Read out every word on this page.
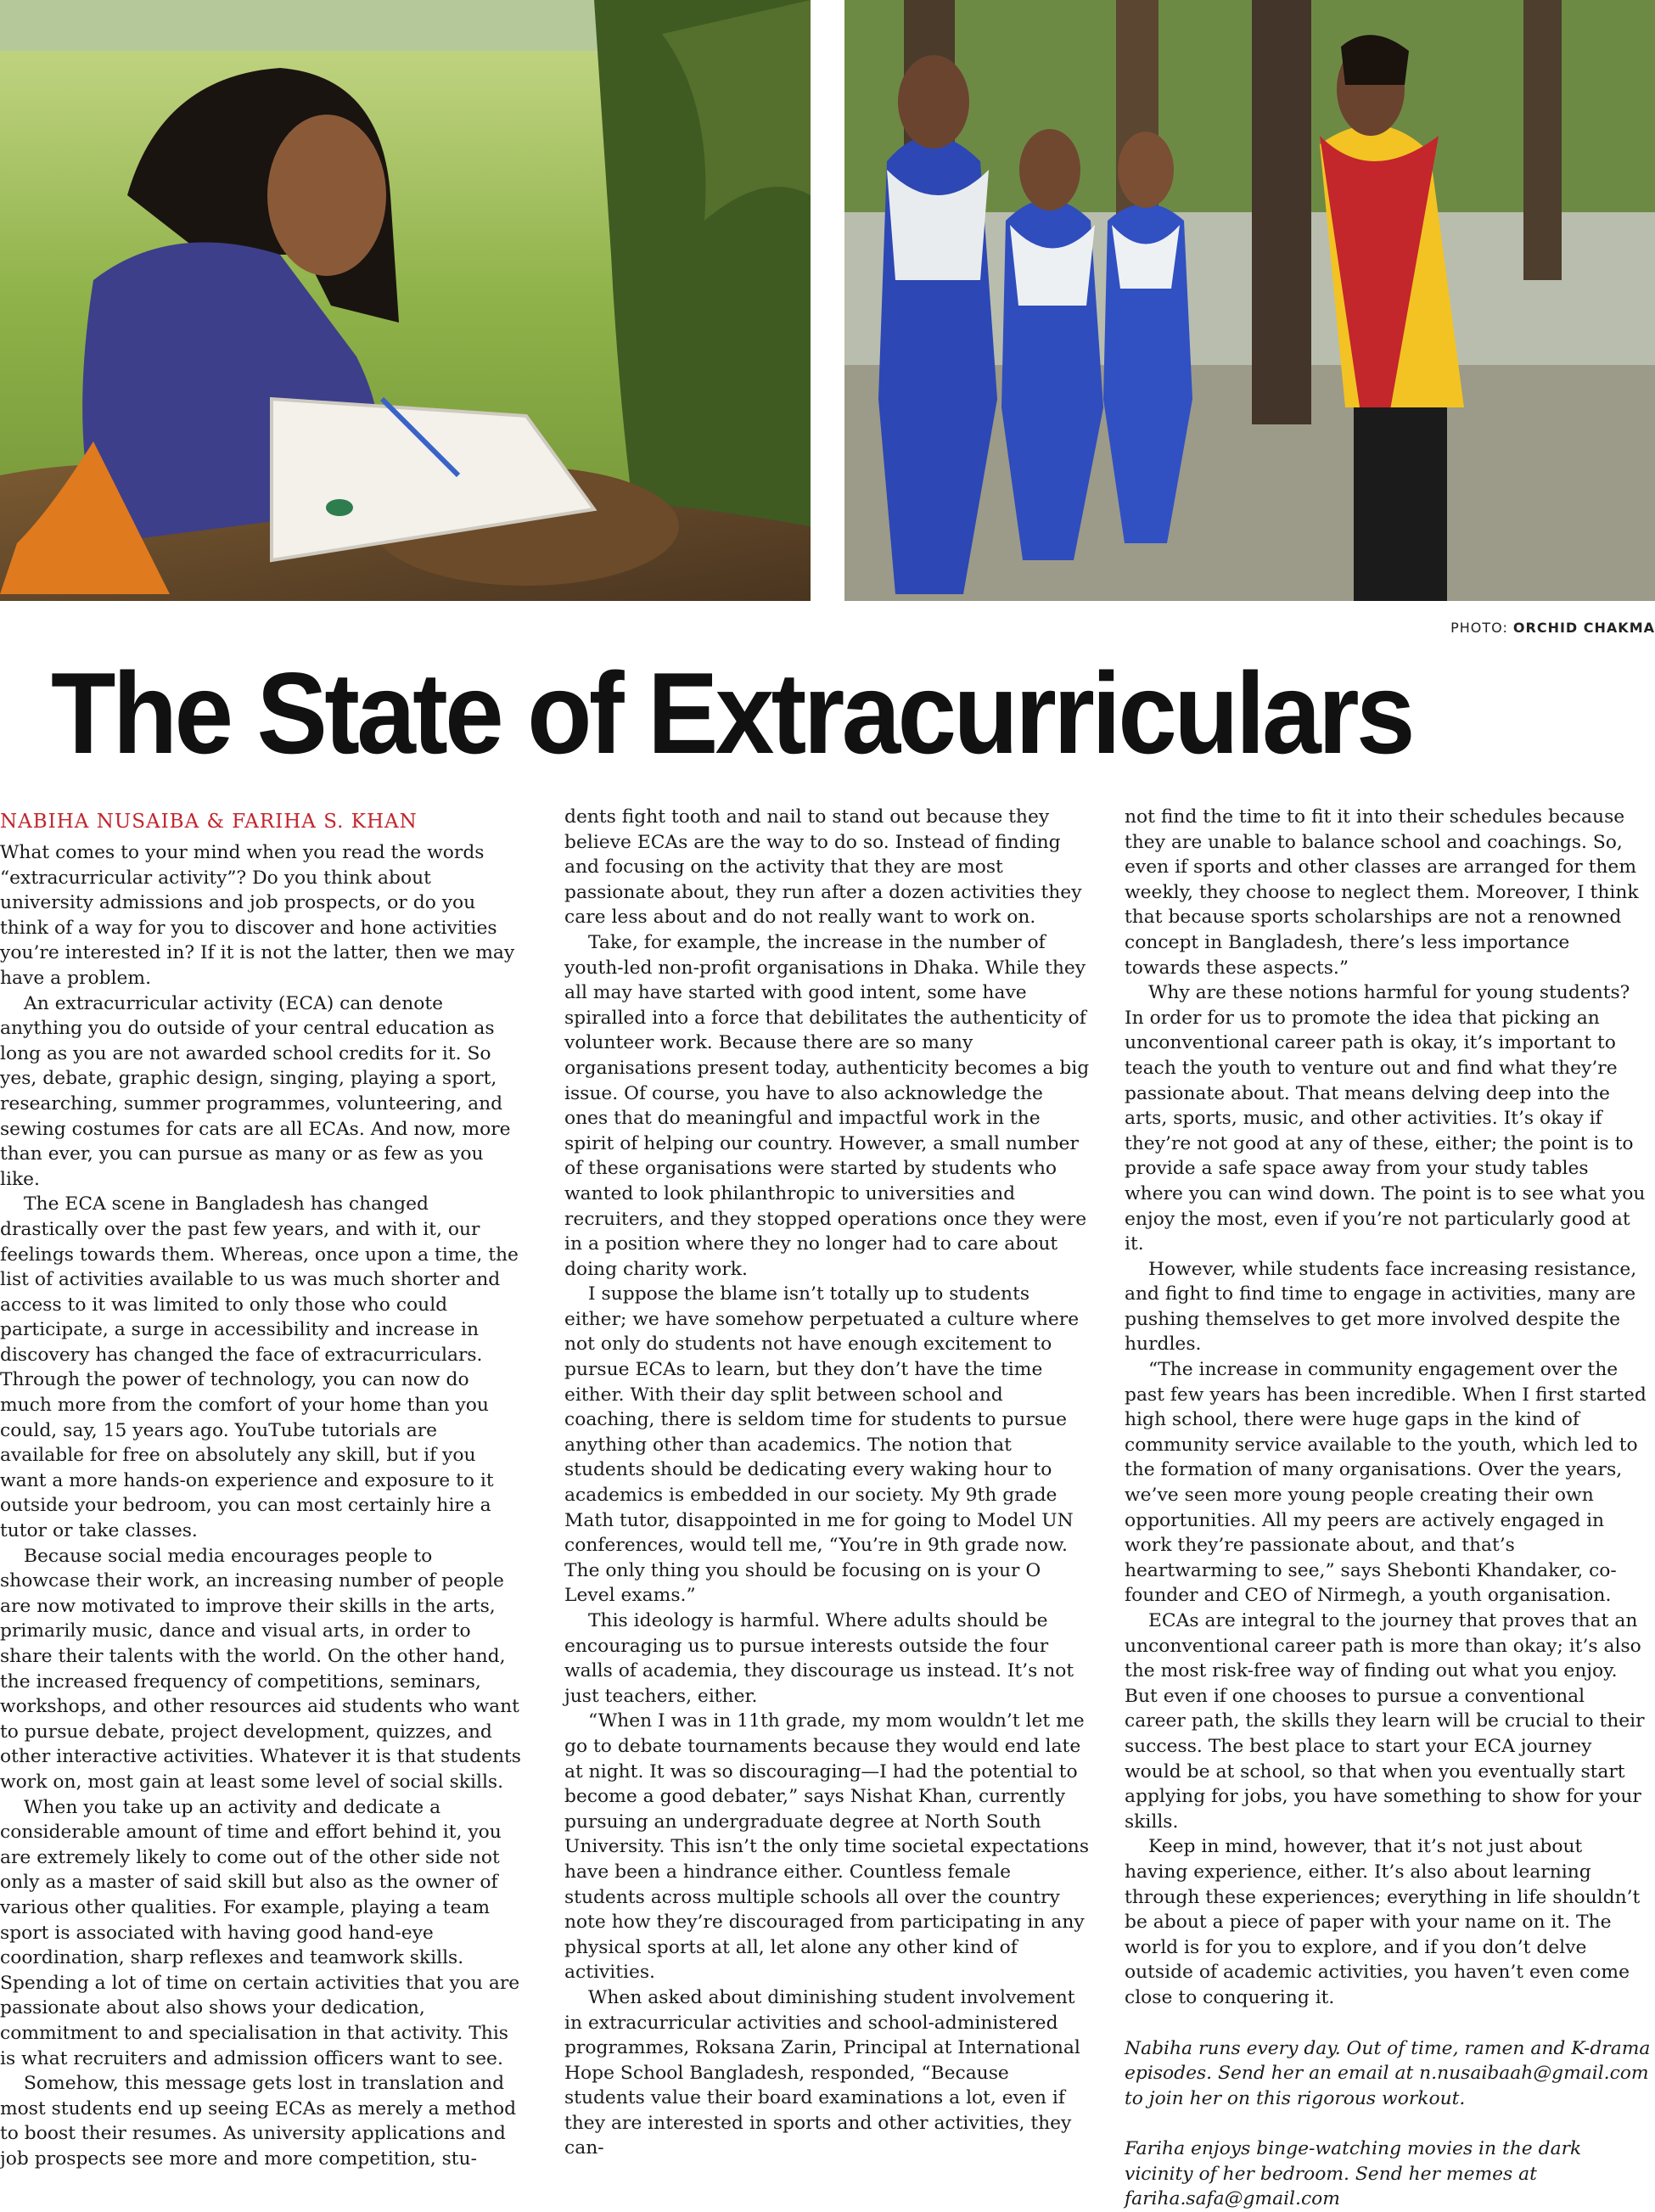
PHOTO: ORCHID CHAKMA
The State of Extracurriculars
NABIHA NUSAIBA & FARIHA S. KHAN

What comes to your mind when you read the words “extracurricular activity”? Do you think about university admissions and job prospects, or do you think of a way for you to discover and hone activities you’re interested in? If it is not the latter, then we may have a problem.

An extracurricular activity (ECA) can denote anything you do outside of your central education as long as you are not awarded school credits for it. So yes, debate, graphic design, singing, playing a sport, researching, summer programmes, volunteering, and sewing costumes for cats are all ECAs. And now, more than ever, you can pursue as many or as few as you like.

The ECA scene in Bangladesh has changed drastically over the past few years, and with it, our feelings towards them. Whereas, once upon a time, the list of activities available to us was much shorter and access to it was limited to only those who could participate, a surge in accessibility and increase in discovery has changed the face of extracurriculars. Through the power of technology, you can now do much more from the comfort of your home than you could, say, 15 years ago. YouTube tutorials are available for free on absolutely any skill, but if you want a more hands-on experience and exposure to it outside your bedroom, you can most certainly hire a tutor or take classes.

Because social media encourages people to showcase their work, an increasing number of people are now motivated to improve their skills in the arts, primarily music, dance and visual arts, in order to share their talents with the world. On the other hand, the increased frequency of competitions, seminars, workshops, and other resources aid students who want to pursue debate, project development, quizzes, and other interactive activities. Whatever it is that students work on, most gain at least some level of social skills.

When you take up an activity and dedicate a considerable amount of time and effort behind it, you are extremely likely to come out of the other side not only as a master of said skill but also as the owner of various other qualities. For example, playing a team sport is associated with having good hand-eye coordination, sharp reflexes and teamwork skills. Spending a lot of time on certain activities that you are passionate about also shows your dedication, commitment to and specialisation in that activity. This is what recruiters and admission officers want to see.

Somehow, this message gets lost in translation and most students end up seeing ECAs as merely a method to boost their resumes. As university applications and job prospects see more and more competition, stu-

dents fight tooth and nail to stand out because they believe ECAs are the way to do so. Instead of finding and focusing on the activity that they are most passionate about, they run after a dozen activities they care less about and do not really want to work on.

Take, for example, the increase in the number of youth-led non-profit organisations in Dhaka. While they all may have started with good intent, some have spiralled into a force that debilitates the authenticity of volunteer work. Because there are so many organisations present today, authenticity becomes a big issue. Of course, you have to also acknowledge the ones that do meaningful and impactful work in the spirit of helping our country. However, a small number of these organisations were started by students who wanted to look philanthropic to universities and recruiters, and they stopped operations once they were in a position where they no longer had to care about doing charity work.

I suppose the blame isn’t totally up to students either; we have somehow perpetuated a culture where not only do students not have enough excitement to pursue ECAs to learn, but they don’t have the time either. With their day split between school and coaching, there is seldom time for students to pursue anything other than academics. The notion that students should be dedicating every waking hour to academics is embedded in our society. My 9th grade Math tutor, disappointed in me for going to Model UN conferences, would tell me, “You’re in 9th grade now. The only thing you should be focusing on is your O Level exams.”

This ideology is harmful. Where adults should be encouraging us to pursue interests outside the four walls of academia, they discourage us instead. It’s not just teachers, either.

“When I was in 11th grade, my mom wouldn’t let me go to debate tournaments because they would end late at night. It was so discouraging—I had the potential to become a good debater,” says Nishat Khan, currently pursuing an undergraduate degree at North South University. This isn’t the only time societal expectations have been a hindrance either. Countless female students across multiple schools all over the country note how they’re discouraged from participating in any physical sports at all, let alone any other kind of activities.

When asked about diminishing student involvement in extracurricular activities and school-administered programmes, Roksana Zarin, Principal at International Hope School Bangladesh, responded, “Because students value their board examinations a lot, even if they are interested in sports and other activities, they can-

not find the time to fit it into their schedules because they are unable to balance school and coachings. So, even if sports and other classes are arranged for them weekly, they choose to neglect them. Moreover, I think that because sports scholarships are not a renowned concept in Bangladesh, there’s less importance towards these aspects.”

Why are these notions harmful for young students? In order for us to promote the idea that picking an unconventional career path is okay, it’s important to teach the youth to venture out and find what they’re passionate about. That means delving deep into the arts, sports, music, and other activities. It’s okay if they’re not good at any of these, either; the point is to provide a safe space away from your study tables where you can wind down. The point is to see what you enjoy the most, even if you’re not particularly good at it.

However, while students face increasing resistance, and fight to find time to engage in activities, many are pushing themselves to get more involved despite the hurdles.

“The increase in community engagement over the past few years has been incredible. When I first started high school, there were huge gaps in the kind of community service available to the youth, which led to the formation of many organisations. Over the years, we’ve seen more young people creating their own opportunities. All my peers are actively engaged in work they’re passionate about, and that’s heartwarming to see,” says Shebonti Khandaker, co-founder and CEO of Nirmegh, a youth organisation.

ECAs are integral to the journey that proves that an unconventional career path is more than okay; it’s also the most risk-free way of finding out what you enjoy. But even if one chooses to pursue a conventional career path, the skills they learn will be crucial to their success. The best place to start your ECA journey would be at school, so that when you eventually start applying for jobs, you have something to show for your skills.

Keep in mind, however, that it’s not just about having experience, either. It’s also about learning through these experiences; everything in life shouldn’t be about a piece of paper with your name on it. The world is for you to explore, and if you don’t delve outside of academic activities, you haven’t even come close to conquering it.

Nabiha runs every day. Out of time, ramen and K-drama episodes. Send her an email at n.nusaibaah@gmail.com to join her on this rigorous workout.

Fariha enjoys binge-watching movies in the dark vicinity of her bedroom. Send her memes at fariha.safa@gmail.com
